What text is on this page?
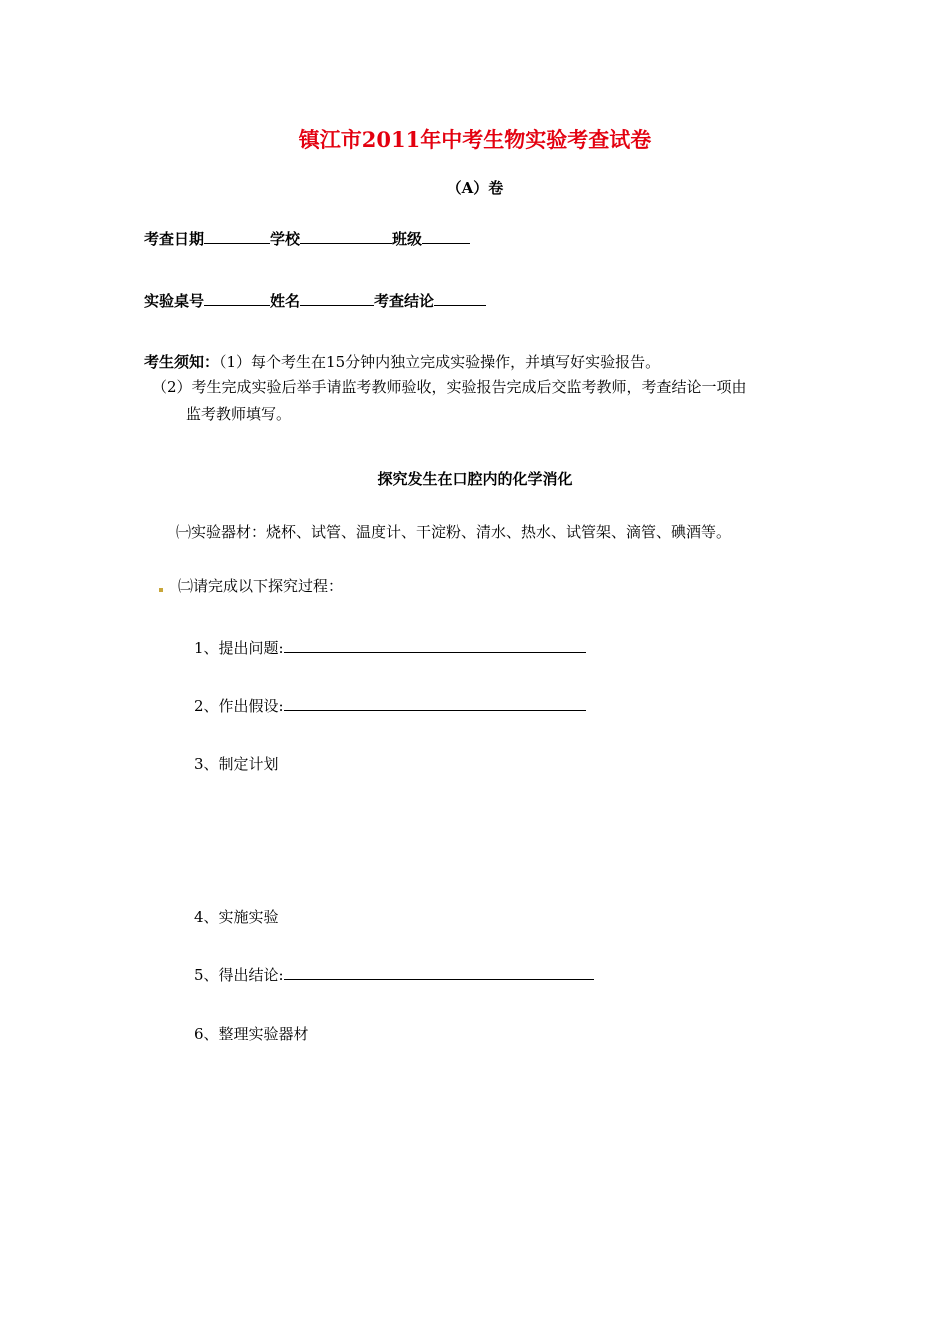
镇江市2011年中考生物实验考查试卷
（A）卷
考查日期	学校	班级
实验桌号	姓名	考查结论
考生须知：（1）每个考生在15分钟内独立完成实验操作，并填写好实验报告。
（2）考生完成实验后举手请监考教师验收，实验报告完成后交监考教师，考查结论一项由
监考教师填写。
探究发生在口腔内的化学消化
㈠实验器材：烧杯、试管、温度计、干淀粉、清水、热水、试管架、滴管、碘酒等。
㈡请完成以下探究过程：
1、提出问题:
2、作出假设:
3、制定计划
4、实施实验
5、得出结论:
6、整理实验器材
